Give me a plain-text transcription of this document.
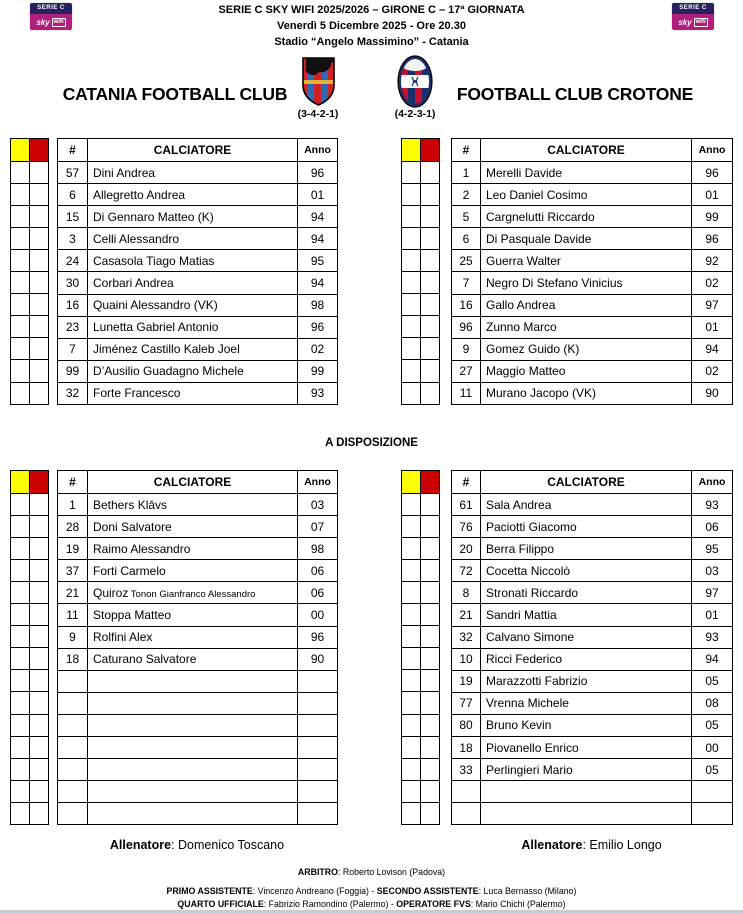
SERIE C
sky wifi
SERIE C
sky wifi
SERIE C SKY WIFI 2025/2026 – GIRONE C – 17ª GIORNATA
Venerdì 5 Dicembre 2025 - Ore 20.30
Stadio “Angelo Massimino” - Catania
CATANIA FOOTBALL CLUB	FOOTBALL CLUB CROTONE
(3-4-2-1)	(4-2-3-1)

#	CALCIATORE	Anno
57	Dini Andrea	96
6	Allegretto Andrea	01
15	Di Gennaro Matteo (K)	94
3	Celli Alessandro	94
24	Casasola Tiago Matias	95
30	Corbari Andrea	94
16	Quaini Alessandro (VK)	98
23	Lunetta Gabriel Antonio	96
7	Jiménez Castillo Kaleb Joel	02
99	D’Ausilio Guadagno Michele	99
32	Forte Francesco	93

#	CALCIATORE	Anno
1	Merelli Davide	96
2	Leo Daniel Cosimo	01
5	Cargnelutti Riccardo	99
6	Di Pasquale Davide	96
25	Guerra Walter	92
7	Negro Di Stefano Vinicius	02
16	Gallo Andrea	97
96	Zunno Marco	01
9	Gomez Guido (K)	94
27	Maggio Matteo	02
11	Murano Jacopo (VK)	90
A DISPOSIZIONE

#	CALCIATORE	Anno
1	Bethers Klāvs	03
28	Doni Salvatore	07
19	Raimo Alessandro	98
37	Forti Carmelo	06
21	Quiroz Tonon Gianfranco Alessandro	06
11	Stoppa Matteo	00
9	Rolfini Alex	96
18	Caturano Salvatore	90

#	CALCIATORE	Anno
61	Sala Andrea	93
76	Paciotti Giacomo	06
20	Berra Filippo	95
72	Cocetta Niccolò	03
8	Stronati Riccardo	97
21	Sandri Mattia	01
32	Calvano Simone	93
10	Ricci Federico	94
19	Marazzotti Fabrizio	05
77	Vrenna Michele	08
80	Bruno Kevin	05
18	Piovanello Enrico	00
33	Perlingieri Mario	05

Allenatore: Domenico Toscano	Allenatore: Emilio Longo
ARBITRO: Roberto Lovison (Padova)
PRIMO ASSISTENTE: Vincenzo Andreano (Foggia) - SECONDO ASSISTENTE: Luca Bernasso (Milano)
QUARTO UFFICIALE: Fabrizio Ramondino (Palermo) - OPERATORE FVS: Mario Chichi (Palermo)
